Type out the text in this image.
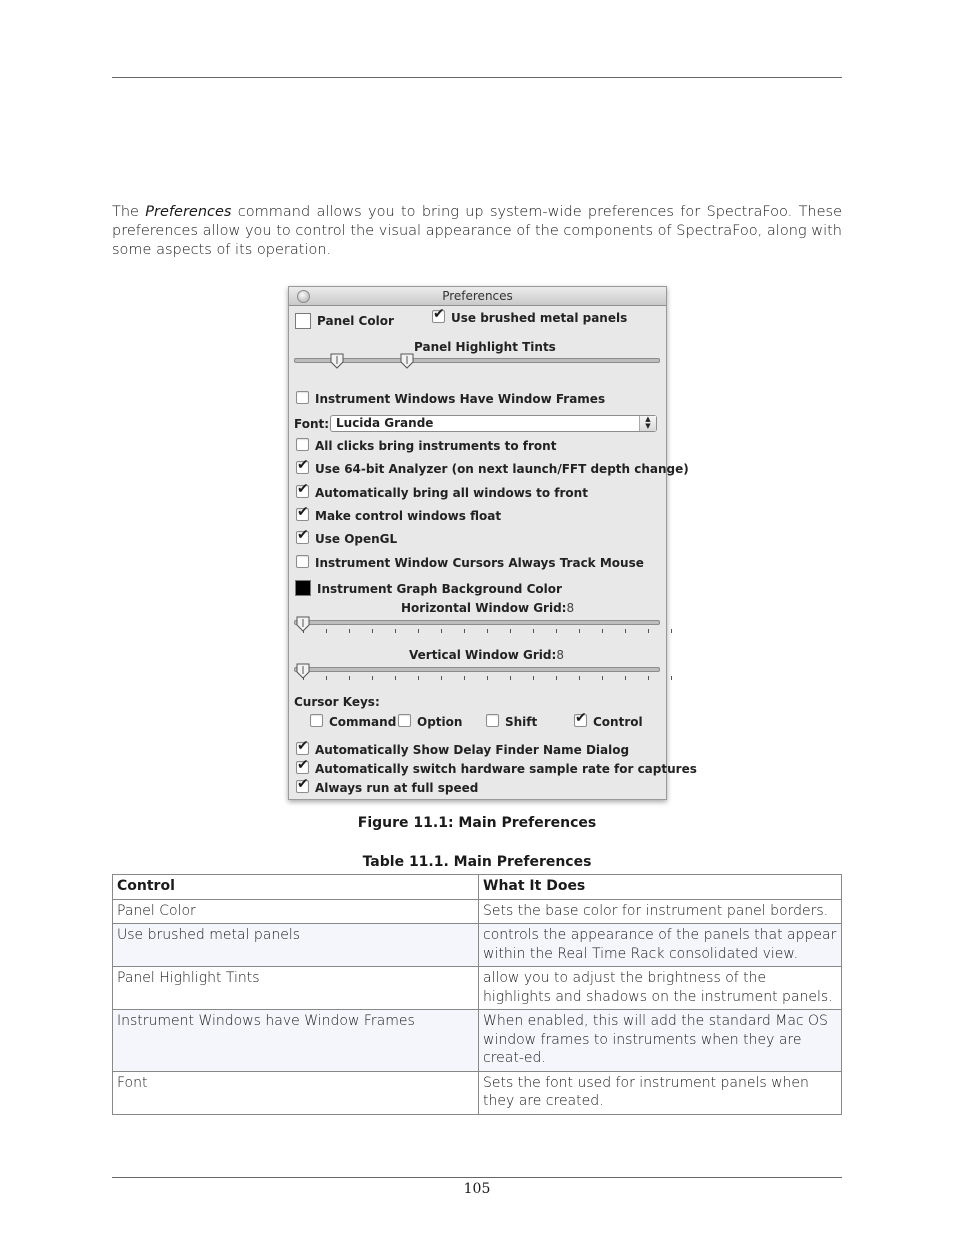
The Preferences command allows you to bring up system-wide preferences for SpectraFoo. These preferences allow you to control the visual appearance of the components of SpectraFoo, along with some aspects of its operation.

Preferences
Panel Color ✔	Use brushed metal panels
Panel Highlight Tints
Instrument Windows Have Window Frames
Font: Lucida Grande	▲
▼
All clicks bring instruments to front
✔
Use 64-bit Analyzer (on next launch/FFT depth change)
✔
Automatically bring all windows to front
✔
Make control windows float
✔
Use OpenGL
Instrument Window Cursors Always Track Mouse
Instrument Graph Background Color
Horizontal Window Grid:8
Vertical Window Grid:8
Cursor Keys:
Command Option	Shift ✔	Control
✔
Automatically Show Delay Finder Name Dialog
✔
Automatically switch hardware sample rate for captures
✔
Always run at full speed
Figure 11.1: Main Preferences
Table 11.1. Main Preferences
Control	What It Does
Panel Color	Sets the base color for instrument panel borders.
Use brushed metal panels	controls the appearance of the panels that appear within the Real Time Rack consolidated view.
Panel Highlight Tints	allow you to adjust the brightness of the highlights and shadows on the instrument panels.
Instrument Windows have Window Frames	When enabled, this will add the standard Mac OS window frames to instruments when they are creat-ed.
Font	Sets the font used for instrument panels when they are created.
105
